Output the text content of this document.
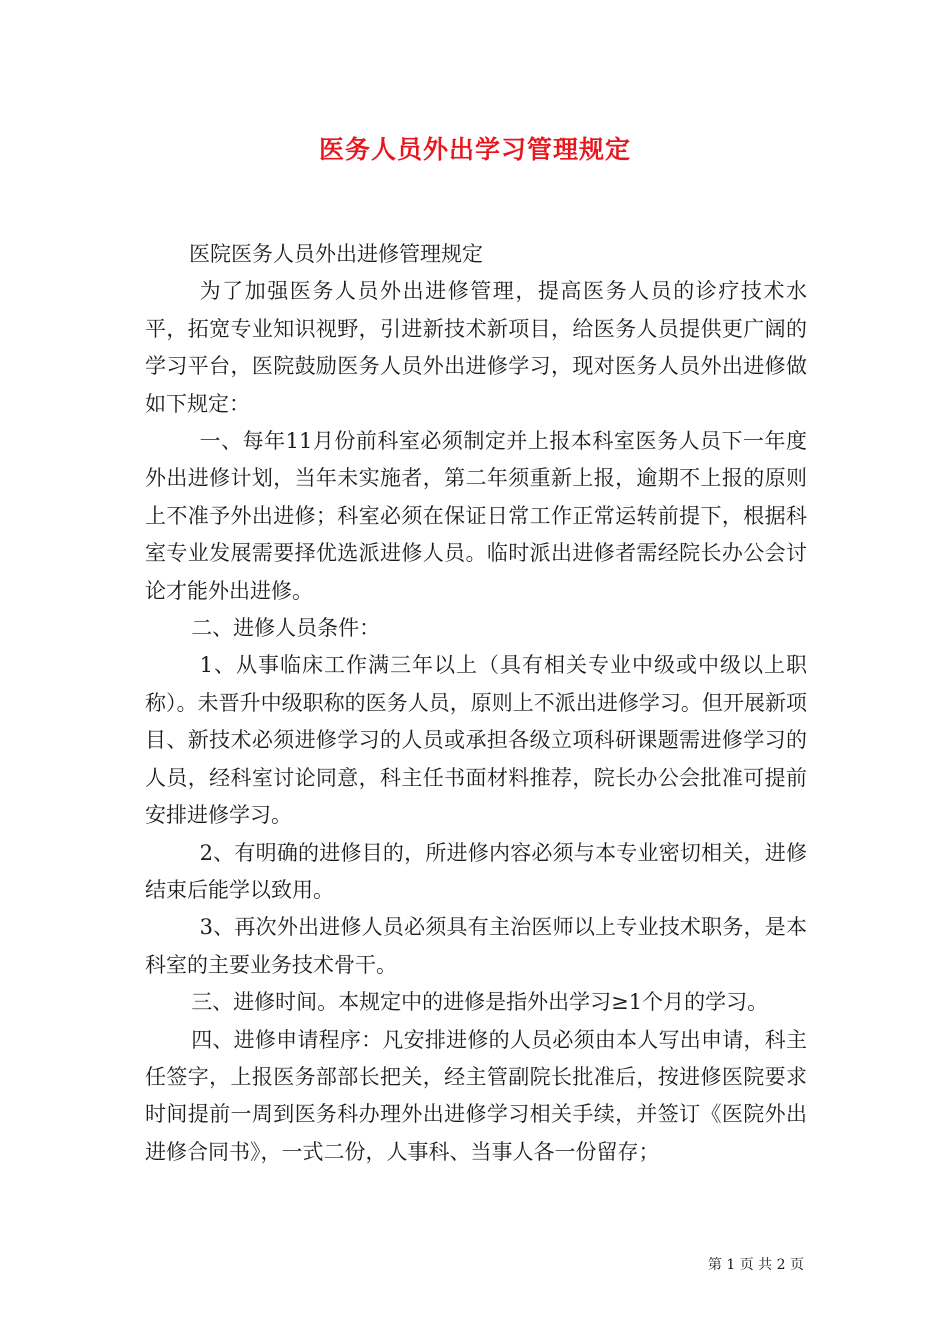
医务人员外出学习管理规定

医院医务人员外出进修管理规定

为了加强医务人员外出进修管理，提高医务人员的诊疗技术水平，拓宽专业知识视野，引进新技术新项目，给医务人员提供更广阔的学习平台，医院鼓励医务人员外出进修学习，现对医务人员外出进修做如下规定：

一、每年11月份前科室必须制定并上报本科室医务人员下一年度外出进修计划，当年未实施者，第二年须重新上报，逾期不上报的原则上不准予外出进修；科室必须在保证日常工作正常运转前提下，根据科室专业发展需要择优选派进修人员。临时派出进修者需经院长办公会讨论才能外出进修。

二、进修人员条件：

1、从事临床工作满三年以上（具有相关专业中级或中级以上职称）。未晋升中级职称的医务人员，原则上不派出进修学习。但开展新项目、新技术必须进修学习的人员或承担各级立项科研课题需进修学习的人员，经科室讨论同意，科主任书面材料推荐，院长办公会批准可提前安排进修学习。

2、有明确的进修目的，所进修内容必须与本专业密切相关，进修结束后能学以致用。

3、再次外出进修人员必须具有主治医师以上专业技术职务，是本科室的主要业务技术骨干。

三、进修时间。本规定中的进修是指外出学习≥1个月的学习。

四、进修申请程序：凡安排进修的人员必须由本人写出申请，科主任签字，上报医务部部长把关，经主管副院长批准后，按进修医院要求时间提前一周到医务科办理外出进修学习相关手续，并签订《医院外出进修合同书》，一式二份，人事科、当事人各一份留存；

第 1 页 共 2 页
